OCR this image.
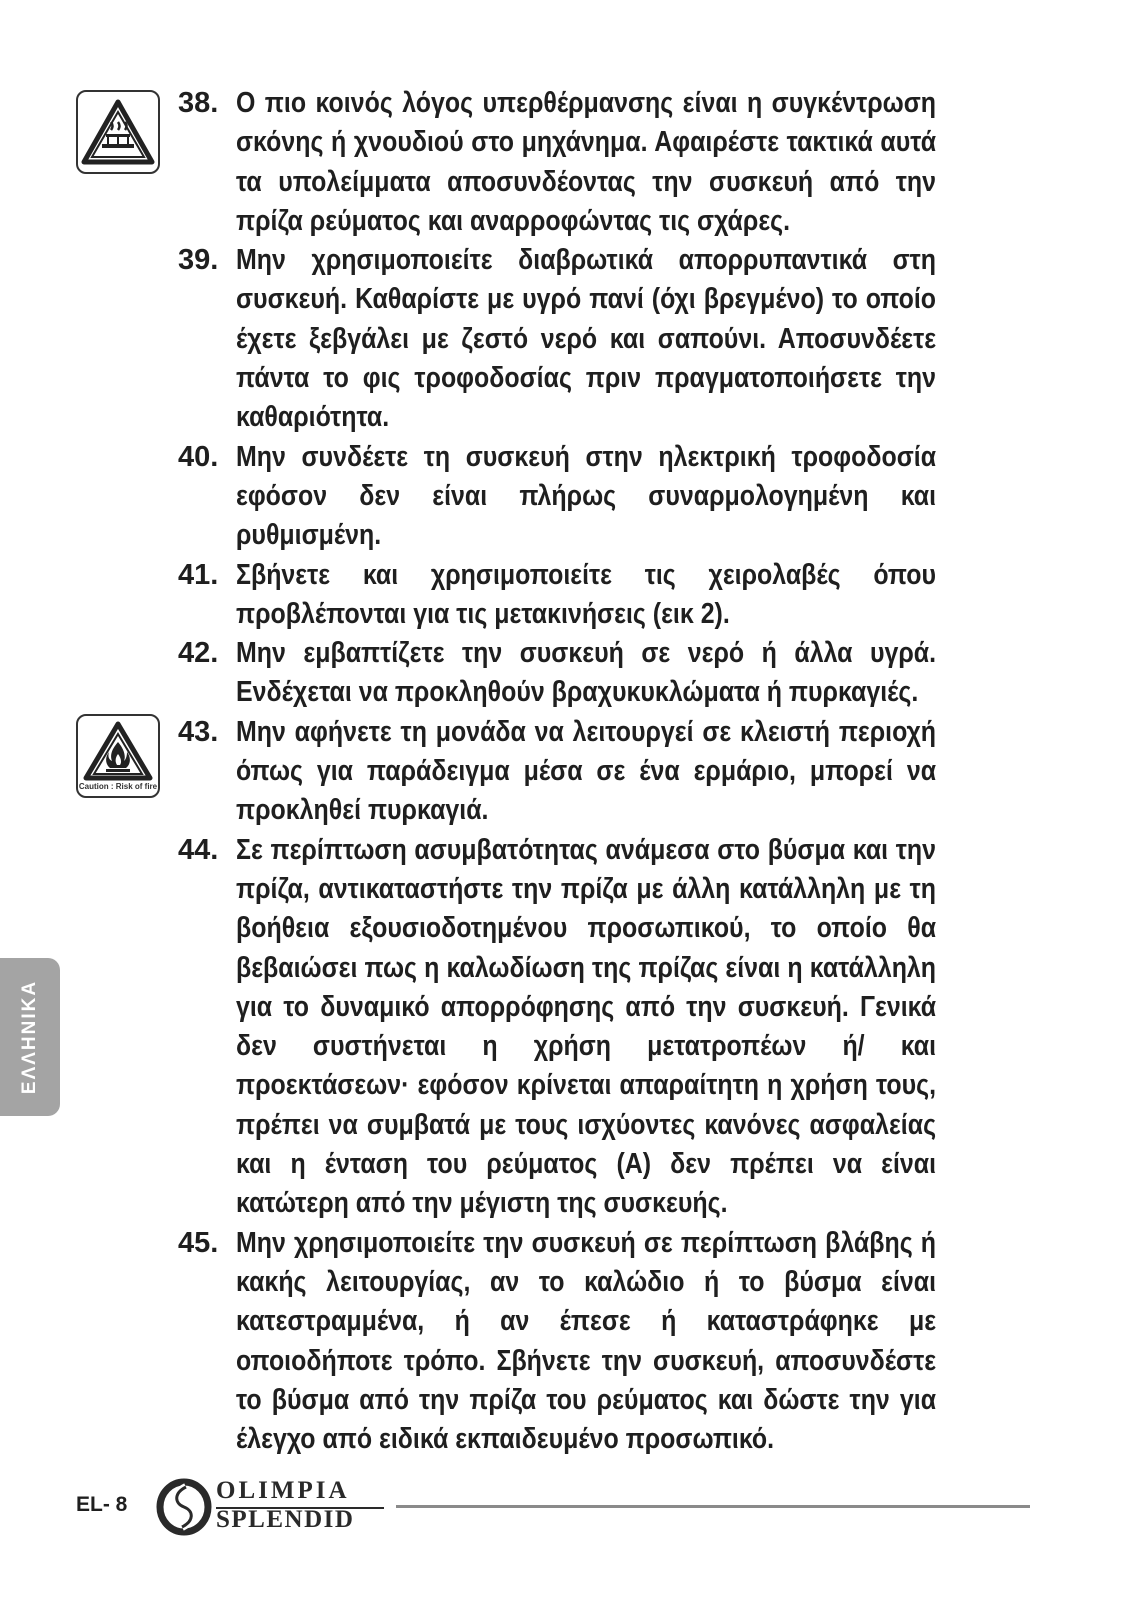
ΕΛΛΗΝΙΚΑ
Caution : Risk of fire
38. Ο πιο κοινός λόγος υπερθέρμανσης είναι η συγκέντρωση σκόνης ή χνουδιού στο μηχάνημα. Αφαιρέστε τακτικά αυτά τα υπολείμματα αποσυνδέοντας την συσκευή από την πρίζα ρεύματος και αναρροφώντας τις σχάρες.
39. Μην χρησιμοποιείτε διαβρωτικά απορρυπαντικά στη συσκευή. Καθαρίστε με υγρό πανί (όχι βρεγμένο) το οποίο έχετε ξεβγάλει με ζεστό νερό και σαπούνι. Αποσυνδέετε πάντα το φις τροφοδοσίας πριν πραγματοποιήσετε την καθαριότητα.
40. Μην συνδέετε τη συσκευή στην ηλεκτρική τροφοδοσία εφόσον δεν είναι πλήρως συναρμολογημένη και ρυθμισμένη.
41. Σβήνετε και χρησιμοποιείτε τις χειρολαβές όπου προβλέπονται για τις μετακινήσεις (εικ 2).
42. Μην εμβαπτίζετε την συσκευή σε νερό ή άλλα υγρά. Ενδέχεται να προκληθούν βραχυκυκλώματα ή πυρκαγιές.
43. Μην αφήνετε τη μονάδα να λειτουργεί σε κλειστή περιοχή όπως για παράδειγμα μέσα σε ένα ερμάριο, μπορεί να προκληθεί πυρκαγιά.
44. Σε περίπτωση ασυμβατότητας ανάμεσα στο βύσμα και την πρίζα, αντικαταστήστε την πρίζα με άλλη κατάλληλη με τη βοήθεια εξουσιοδοτημένου προσωπικού, το οποίο θα βεβαιώσει πως η καλωδίωση της πρίζας είναι η κατάλληλη για το δυναμικό απορρόφησης από την συσκευή. Γενικά δεν συστήνεται η χρήση μετατροπέων ή/ και προεκτάσεων· εφόσον κρίνεται απαραίτητη η χρήση τους, πρέπει να συμβατά με τους ισχύοντες κανόνες ασφαλείας και η ένταση του ρεύματος (A) δεν πρέπει να είναι κατώτερη από την μέγιστη της συσκευής.
45. Μην χρησιμοποιείτε την συσκευή σε περίπτωση βλάβης ή κακής λειτουργίας, αν το καλώδιο ή το βύσμα είναι κατεστραμμένα, ή αν έπεσε ή καταστράφηκε με οποιοδήποτε τρόπο. Σβήνετε την συσκευή, αποσυνδέστε το βύσμα από την πρίζα του ρεύματος και δώστε την για έλεγχο από ειδικά εκπαιδευμένο προσωπικό.
EL- 8
OLIMPIA
SPLENDID
